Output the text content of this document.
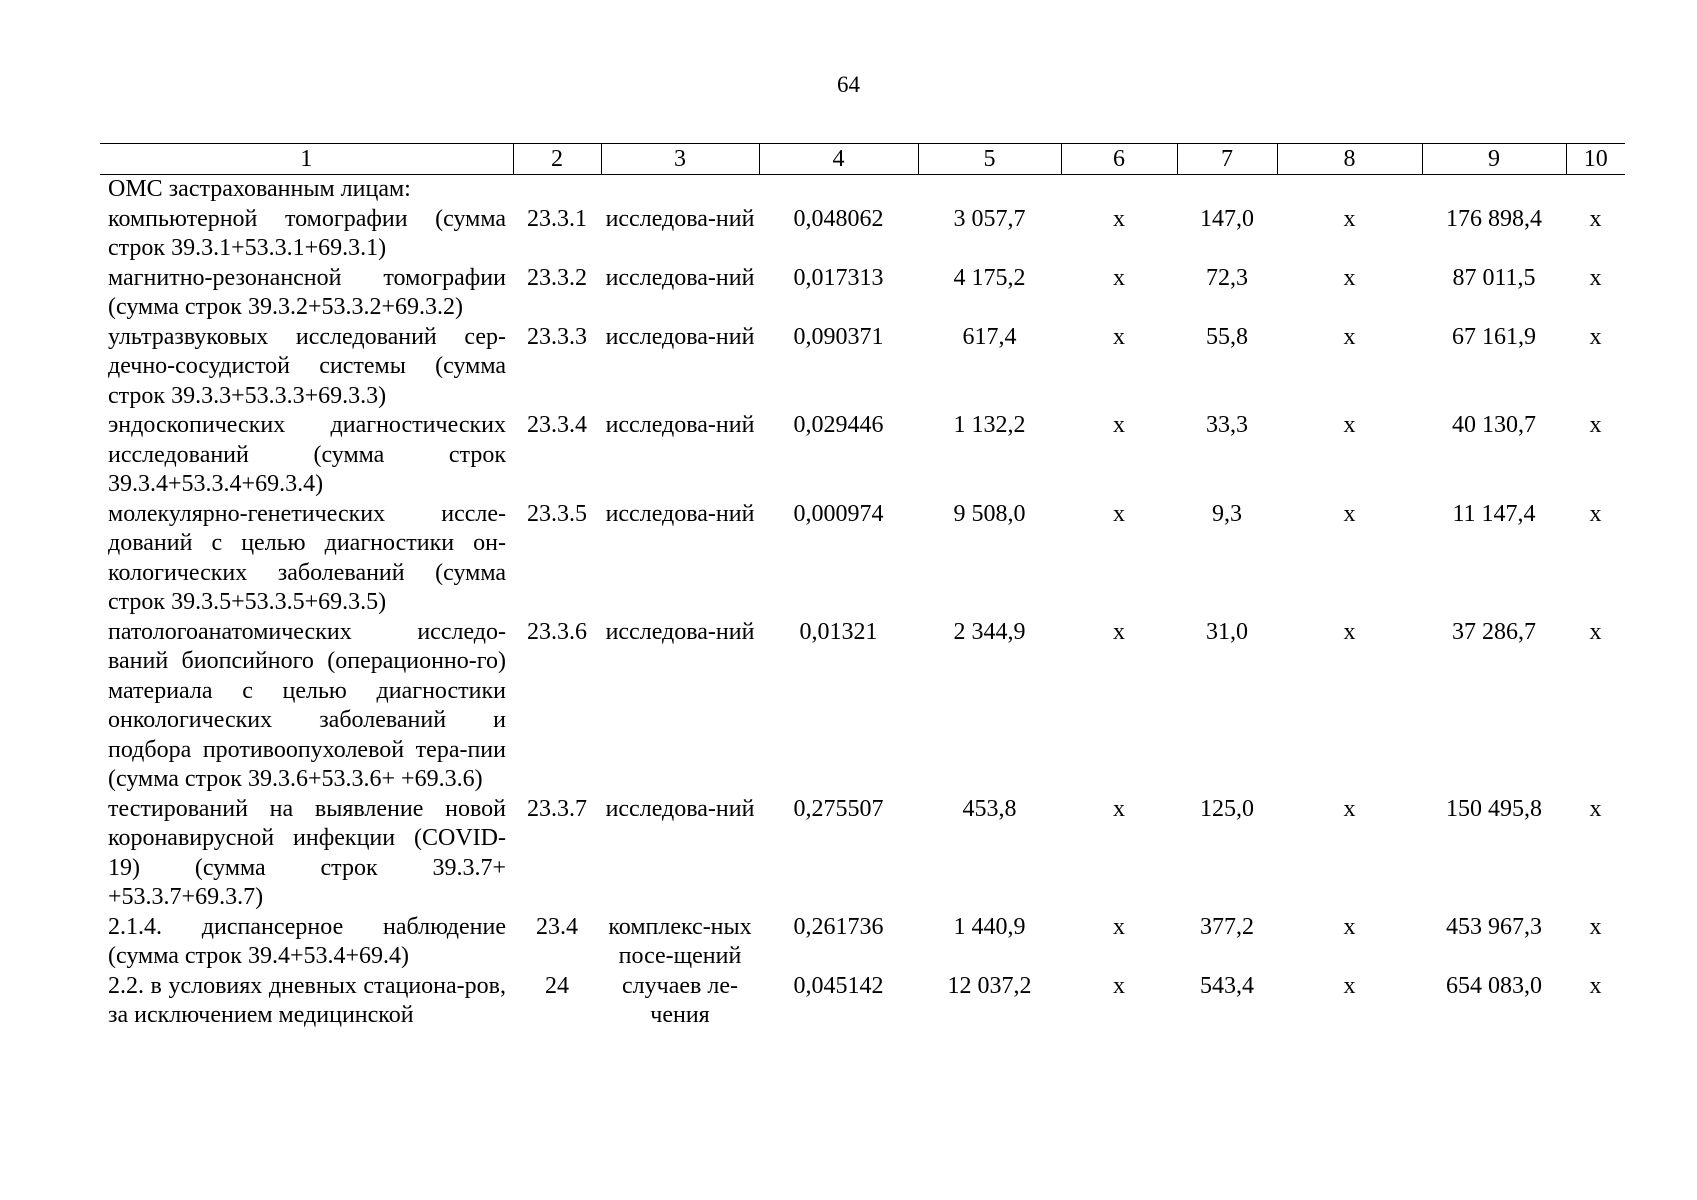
64
1	2	3	4	5	6	7	8	9	10

ОМС застрахованным лицам:
компьютерной томографии (сумма строк 39.3.1+53.3.1+69.3.1)	23.3.1	исследова-ний	0,048062	3 057,7	х	147,0	х	176 898,4	х
магнитно-резонансной томографии (сумма строк 39.3.2+53.3.2+69.3.2)	23.3.2	исследова-ний	0,017313	4 175,2	х	72,3	х	87 011,5	х
ультразвуковых исследований сер-дечно-сосудистой системы (сумма строк 39.3.3+53.3.3+69.3.3)	23.3.3	исследова-ний	0,090371	617,4	х	55,8	х	67 161,9	х
эндоскопических диагностических исследований (сумма строк 39.3.4+53.3.4+69.3.4)	23.3.4	исследова-ний	0,029446	1 132,2	х	33,3	х	40 130,7	х
молекулярно-генетических иссле-дований с целью диагностики он-кологических заболеваний (сумма строк 39.3.5+53.3.5+69.3.5)	23.3.5	исследова-ний	0,000974	9 508,0	х	9,3	х	11 147,4	х
патологоанатомических исследо-ваний биопсийного (операционно-го) материала с целью диагностики онкологических заболеваний и подбора противоопухолевой тера-пии (сумма строк 39.3.6+53.3.6+ +69.3.6)	23.3.6	исследова-ний	0,01321	2 344,9	х	31,0	х	37 286,7	х
тестирований на выявление новой коронавирусной инфекции (COVID-19) (сумма строк 39.3.7+ +53.3.7+69.3.7)	23.3.7	исследова-ний	0,275507	453,8	х	125,0	х	150 495,8	х
2.1.4. диспансерное наблюдение (сумма строк 39.4+53.4+69.4)	23.4	комплекс-ных посе-щений	0,261736	1 440,9	х	377,2	х	453 967,3	х
2.2. в условиях дневных стациона-ров, за исключением медицинской	24	случаев ле-чения	0,045142	12 037,2	х	543,4	х	654 083,0	х
